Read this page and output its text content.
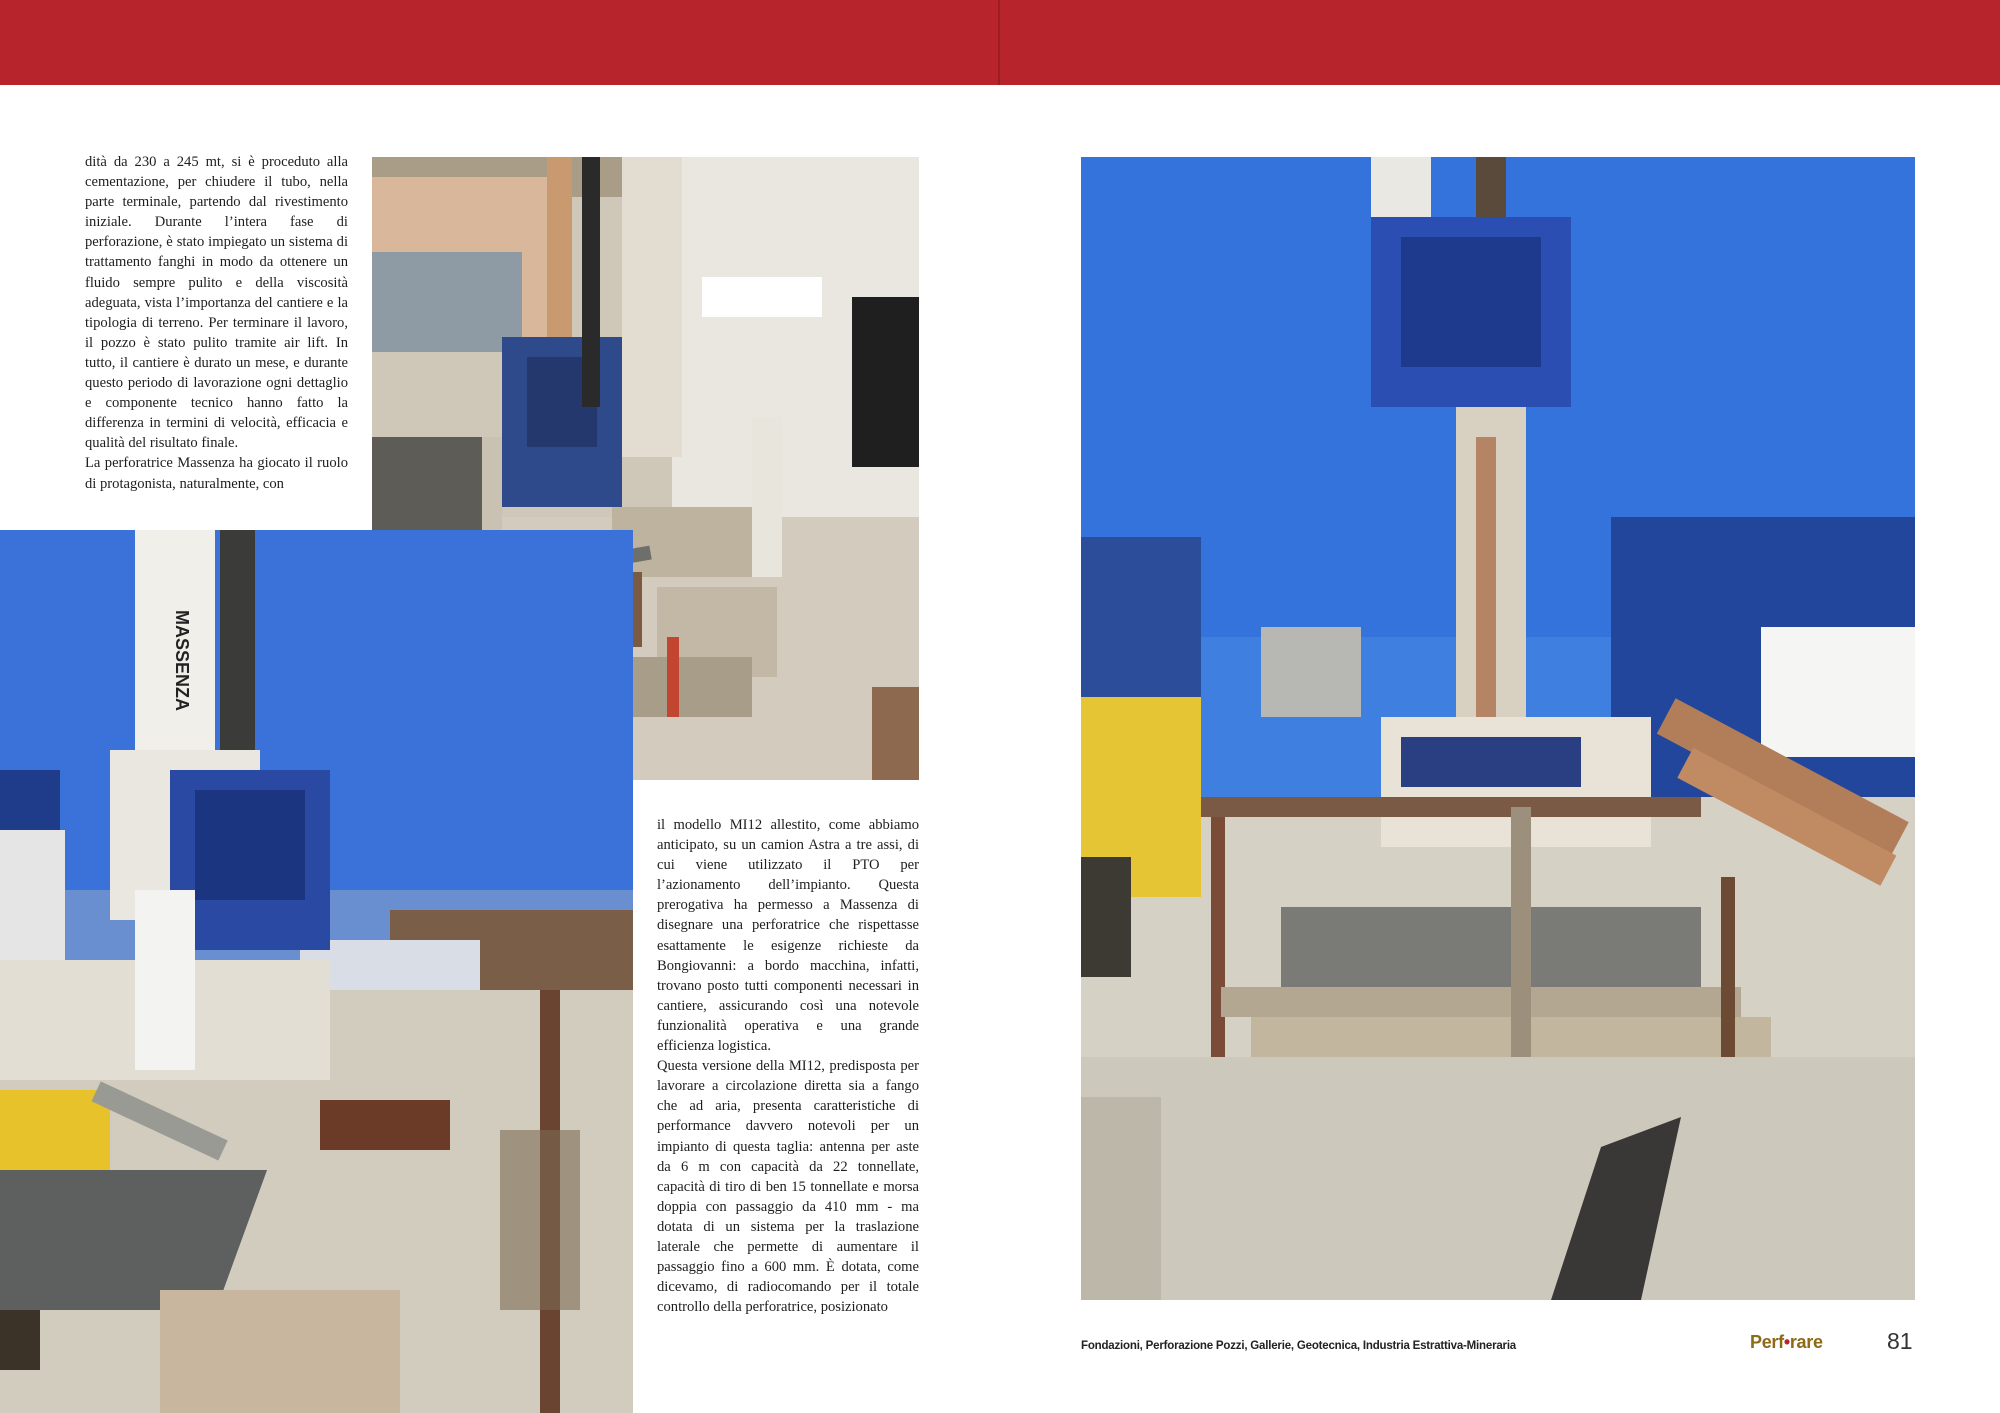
dità da 230 a 245 mt, si è proceduto alla cementazione, per chiudere il tubo, nella parte terminale, partendo dal rivestimento iniziale. Durante l’intera fase di perforazione, è stato impiegato un sistema di trattamento fanghi in modo da ottenere un fluido sempre pulito e della viscosità adeguata, vista l’importanza del cantiere e la tipologia di terreno. Per terminare il lavoro, il pozzo è stato pulito tramite air lift. In tutto, il cantiere è durato un mese, e durante questo periodo di lavorazione ogni dettaglio e componente tecnico hanno fatto la differenza in termini di velocità, efficacia e qualità del risultato finale.

La perforatrice Massenza ha giocato il ruolo di protagonista, naturalmente, con

MASSENZA

il modello MI12 allestito, come abbiamo anticipato, su un camion Astra a tre assi, di cui viene utilizzato il PTO per l’azionamento dell’impianto. Questa prerogativa ha permesso a Massenza di disegnare una perforatrice che rispettasse esattamente le esigenze richieste da Bongiovanni: a bordo macchina, infatti, trovano posto tutti componenti necessari in cantiere, assicurando così una notevole funzionalità operativa e una grande efficienza logistica.

Questa versione della MI12, predisposta per lavorare a circolazione diretta sia a fango che ad aria, presenta caratteristiche di performance davvero notevoli per un impianto di questa taglia: antenna per aste da 6 m con capacità da 22 tonnellate, capacità di tiro di ben 15 tonnellate e morsa doppia con passaggio da 410 mm - ma dotata di un sistema per la traslazione laterale che permette di aumentare il passaggio fino a 600 mm. È dotata, come dicevamo, di radiocomando per il totale controllo della perforatrice, posizionato

Fondazioni, Perforazione Pozzi, Gallerie, Geotecnica, Industria Estrattiva-Mineraria	Perf•rare	81
